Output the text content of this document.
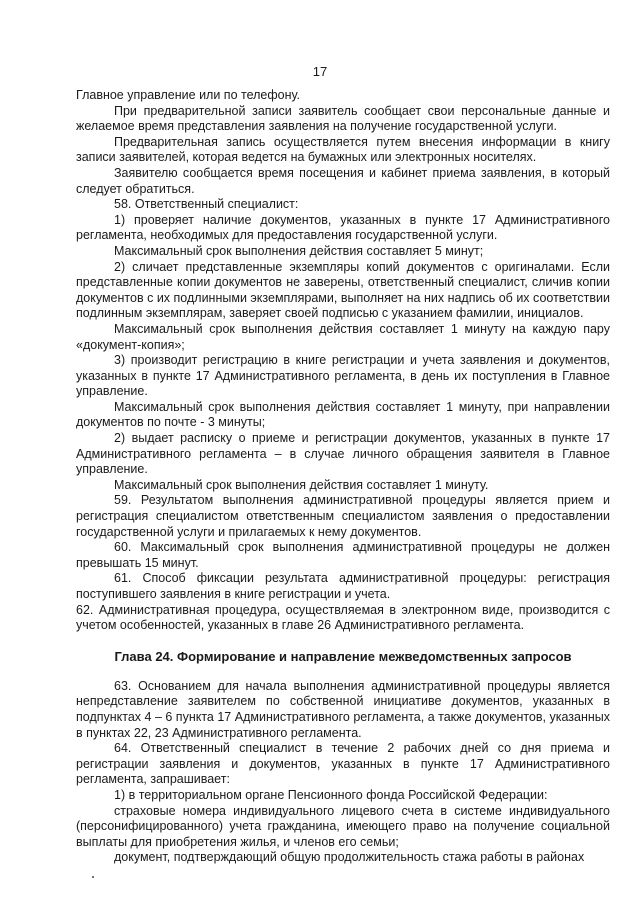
17

Главное управление или по телефону.

При предварительной записи заявитель сообщает свои персональные данные и желаемое время представления заявления на получение государственной услуги.

Предварительная запись осуществляется путем внесения информации в книгу записи заявителей, которая ведется на бумажных или электронных носителях.

Заявителю сообщается время посещения и кабинет приема заявления, в который следует обратиться.

58. Ответственный специалист:

1) проверяет наличие документов, указанных в пункте 17 Административного регламента, необходимых для предоставления государственной услуги.

Максимальный срок выполнения действия составляет 5 минут;

2) сличает представленные экземпляры копий документов с оригиналами. Если представленные копии документов не заверены, ответственный специалист, сличив копии документов с их подлинными экземплярами, выполняет на них надпись об их соответствии подлинным экземплярам, заверяет своей подписью с указанием фамилии, инициалов.

Максимальный срок выполнения действия составляет 1 минуту на каждую пару «документ-копия»;

3) производит регистрацию в книге регистрации и учета заявления и документов, указанных в пункте 17 Административного регламента, в день их поступления в Главное управление.

Максимальный срок выполнения действия составляет 1 минуту, при направлении документов по почте - 3 минуты;

2) выдает расписку о приеме и регистрации документов, указанных в пункте 17 Административного регламента – в случае личного обращения заявителя в Главное управление.

Максимальный срок выполнения действия составляет 1 минуту.

59. Результатом выполнения административной процедуры является прием и регистрация специалистом ответственным специалистом заявления о предоставлении государственной услуги и прилагаемых к нему документов.

60. Максимальный срок выполнения административной процедуры не должен превышать 15 минут.

61. Способ фиксации результата административной процедуры: регистрация поступившего заявления в книге регистрации и учета.

62. Административная процедура, осуществляемая в электронном виде, производится с учетом особенностей, указанных в главе 26 Административного регламента.

Глава 24. Формирование и направление межведомственных запросов

63. Основанием для начала выполнения административной процедуры является непредставление заявителем по собственной инициативе документов, указанных в подпунктах 4 – 6 пункта 17 Административного регламента, а также документов, указанных в пунктах 22, 23 Административного регламента.

64. Ответственный специалист в течение 2 рабочих дней со дня приема и регистрации заявления и документов, указанных в пункте 17 Административного регламента, запрашивает:

1) в территориальном органе Пенсионного фонда Российской Федерации:

страховые номера индивидуального лицевого счета в системе индивидуального (персонифицированного) учета гражданина, имеющего право на получение социальной выплаты для приобретения жилья, и членов его семьи;

документ, подтверждающий общую продолжительность стажа работы в районах
